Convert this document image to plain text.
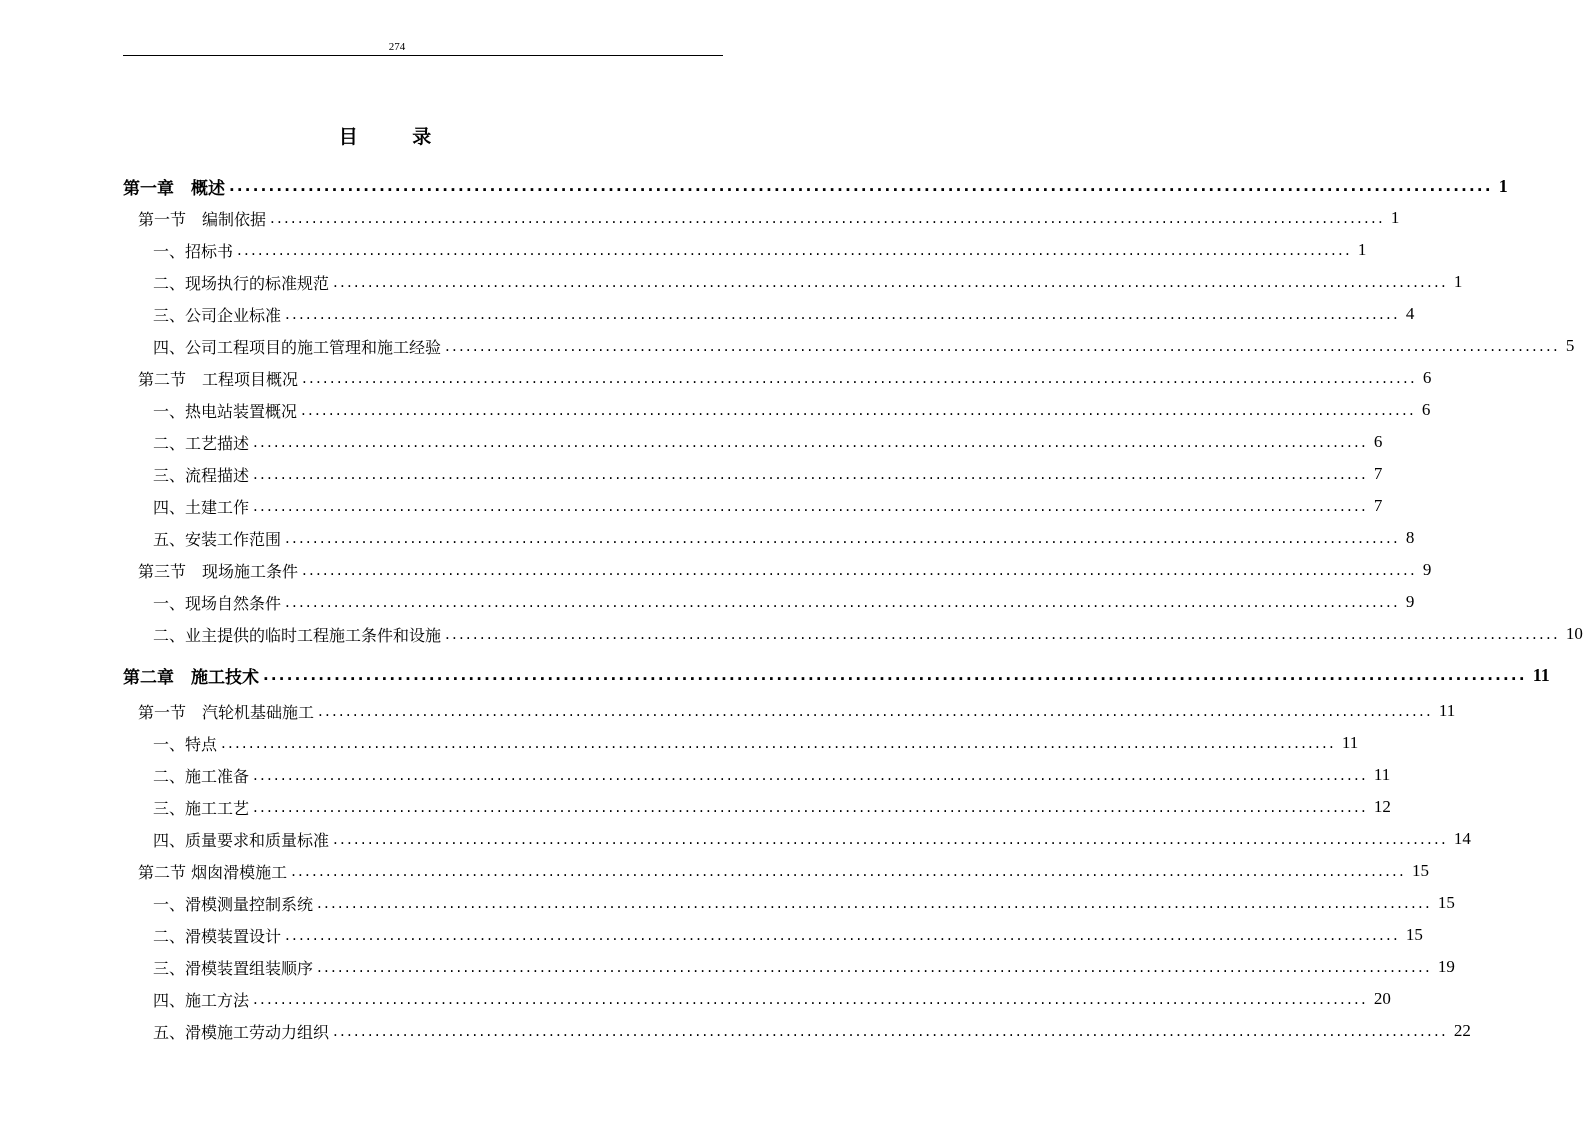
274
目 录
第一章　概述 ................................................................................................................................................................ 1
第一节　编制依据 ................................................................................................................................................................ 1
一、招标书 ................................................................................................................................................................ 1
二、现场执行的标准规范 ................................................................................................................................................................ 1
三、公司企业标准 ................................................................................................................................................................ 4
四、公司工程项目的施工管理和施工经验 ................................................................................................................................................................ 5
第二节　工程项目概况 ................................................................................................................................................................ 6
一、热电站装置概况 ................................................................................................................................................................ 6
二、工艺描述 ................................................................................................................................................................ 6
三、流程描述 ................................................................................................................................................................ 7
四、土建工作 ................................................................................................................................................................ 7
五、安装工作范围 ................................................................................................................................................................ 8
第三节　现场施工条件 ................................................................................................................................................................ 9
一、现场自然条件 ................................................................................................................................................................ 9
二、业主提供的临时工程施工条件和设施 ................................................................................................................................................................ 10
第二章　施工技术 ................................................................................................................................................................ 11
第一节　汽轮机基础施工 ................................................................................................................................................................ 11
一、特点 ................................................................................................................................................................ 11
二、施工准备 ................................................................................................................................................................ 11
三、施工工艺 ................................................................................................................................................................ 12
四、质量要求和质量标准 ................................................................................................................................................................ 14
第二节 烟囱滑模施工 ................................................................................................................................................................ 15
一、滑模测量控制系统 ................................................................................................................................................................ 15
二、滑模装置设计 ................................................................................................................................................................ 15
三、滑模装置组装顺序 ................................................................................................................................................................ 19
四、施工方法 ................................................................................................................................................................ 20
五、滑模施工劳动力组织 ................................................................................................................................................................ 22
